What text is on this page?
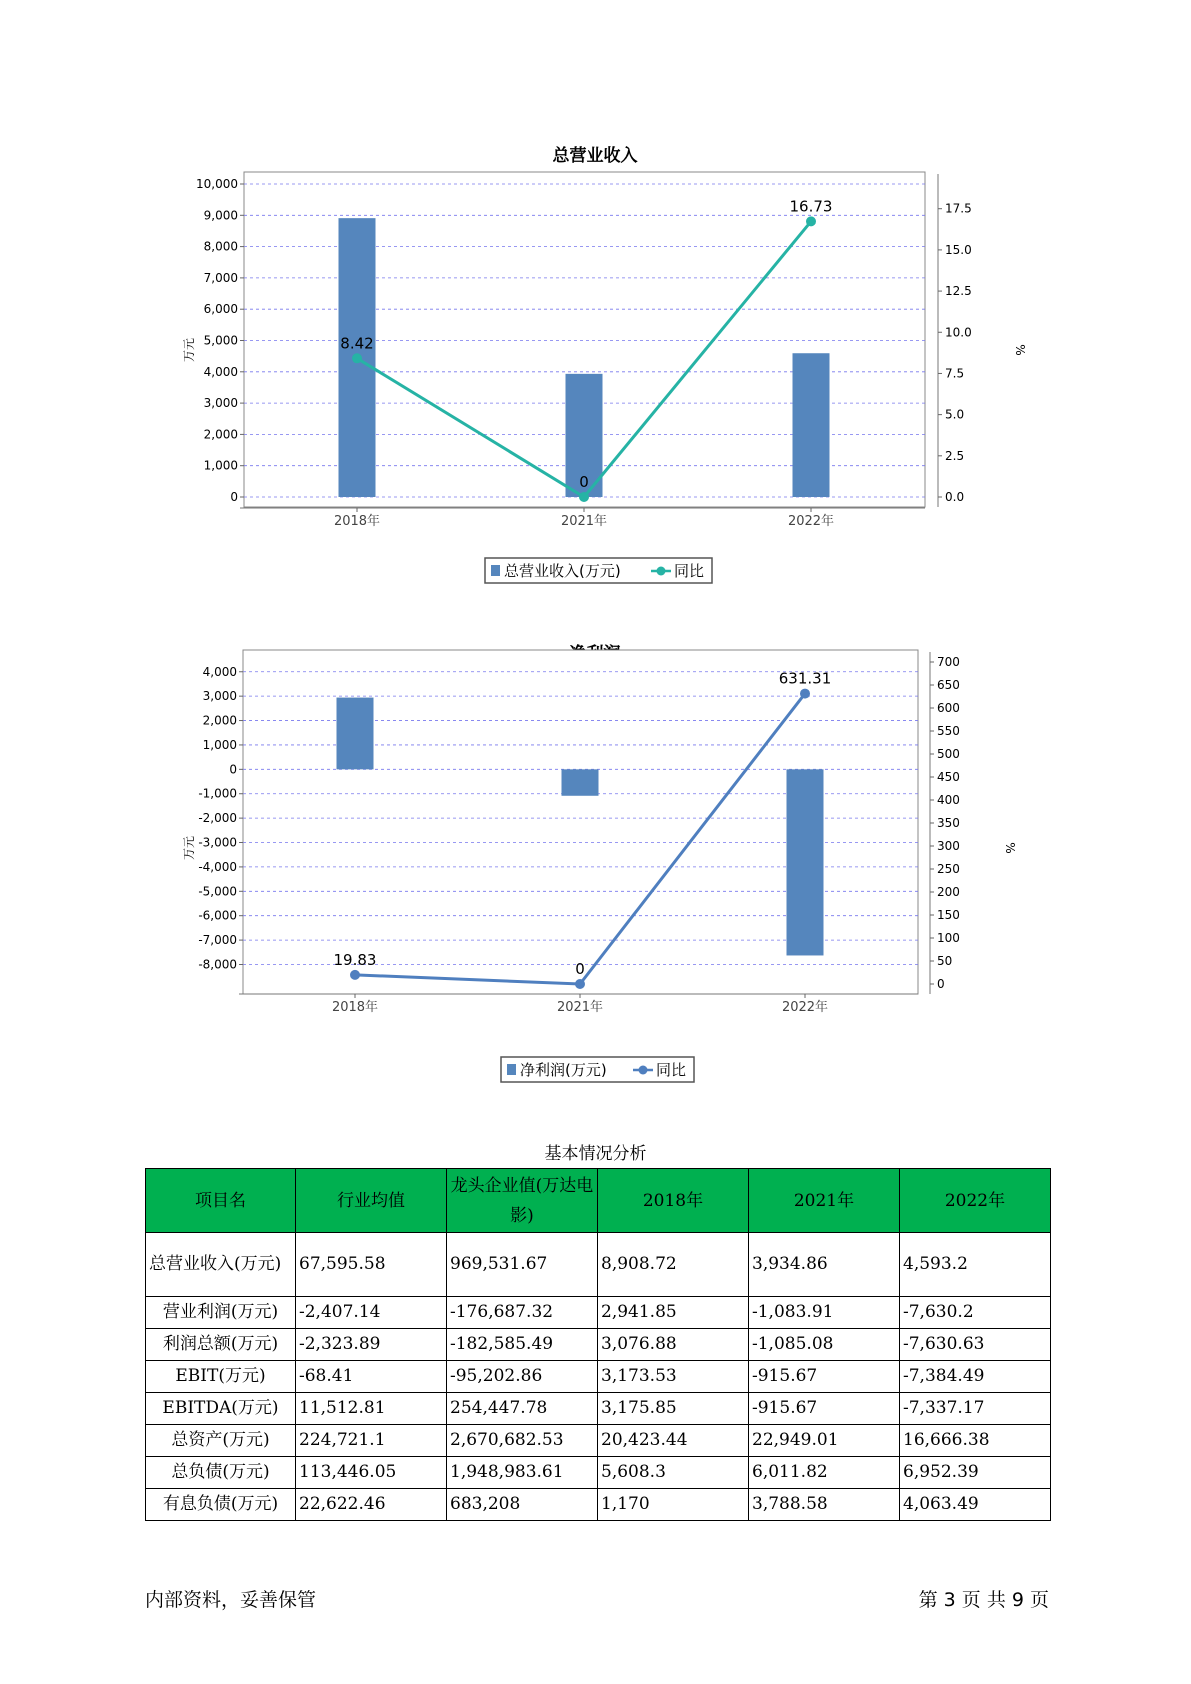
总营业收入
0
1,000
2,000
3,000
4,000
5,000
6,000
7,000
8,000
9,000
10,000
0.0
2.5
5.0
7.5
10.0
12.5
15.0
17.5
2018年	2021年	2022年
8.42
0
16.73
万元	%
总营业收入(万元)	同比
-8,000
-7,000
-6,000
-5,000
-4,000
-3,000
-2,000
-1,000
0
1,000
2,000
3,000
4,000
0
50
100
150
200
250
300
350
400
450
500
550
600
650
700
2018年	2021年	2022年
19.83
0
631.31
万元	%
净利润(万元)	同比
基本情况分析
项目名	行业均值	龙头企业值(万达电影)	2018年	2021年	2022年
总营业收入(万元)	67,595.58	969,531.67	8,908.72	3,934.86	4,593.2
营业利润(万元)	-2,407.14	-176,687.32	2,941.85	-1,083.91	-7,630.2
利润总额(万元)	-2,323.89	-182,585.49	3,076.88	-1,085.08	-7,630.63
EBIT(万元)	-68.41	-95,202.86	3,173.53	-915.67	-7,384.49
EBITDA(万元)	11,512.81	254,447.78	3,175.85	-915.67	-7,337.17
总资产(万元)	224,721.1	2,670,682.53	20,423.44	22,949.01	16,666.38
总负债(万元)	113,446.05	1,948,983.61	5,608.3	6,011.82	6,952.39
有息负债(万元)	22,622.46	683,208	1,170	3,788.58	4,063.49
内部资料，妥善保管	第 3 页 共 9 页
